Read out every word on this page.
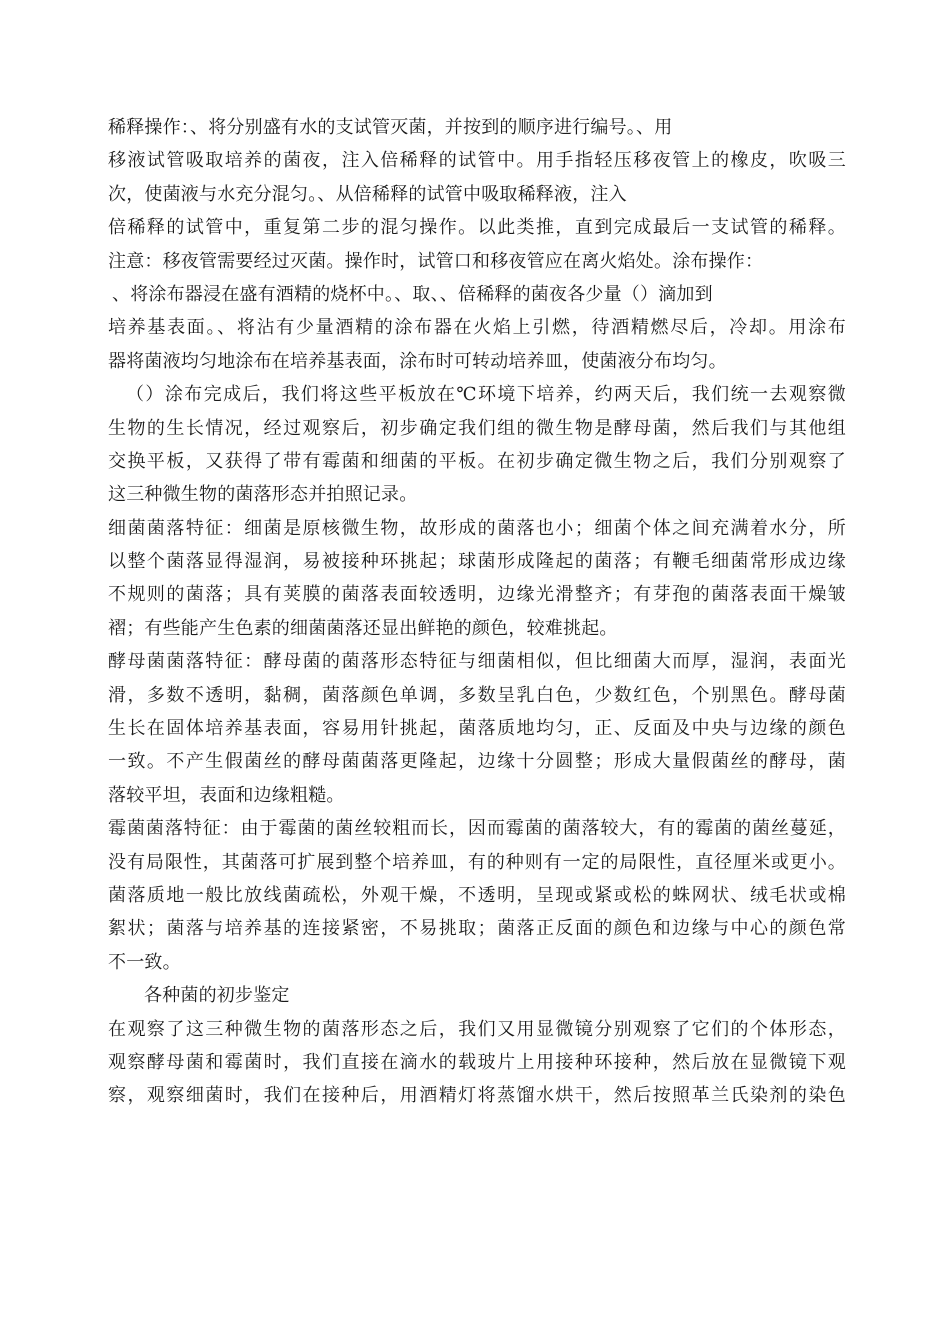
稀释操作：、将分别盛有水的支试管灭菌，并按到的顺序进行编号。、用
移液试管吸取培养的菌夜，注入倍稀释的试管中。用手指轻压移夜管上的橡皮，吹吸三
次，使菌液与水充分混匀。、从倍稀释的试管中吸取稀释液，注入
倍稀释的试管中，重复第二步的混匀操作。以此类推，直到完成最后一支试管的稀释。
注意：移夜管需要经过灭菌。操作时，试管口和移夜管应在离火焰处。涂布操作：
、将涂布器浸在盛有酒精的烧杯中。、取、、倍稀释的菌夜各少量（）滴加到
培养基表面。、将沾有少量酒精的涂布器在火焰上引燃，待酒精燃尽后，冷却。用涂布
器将菌液均匀地涂布在培养基表面，涂布时可转动培养皿，使菌液分布均匀。
（）涂布完成后，我们将这些平板放在℃环境下培养，约两天后，我们统一去观察微
生物的生长情况，经过观察后，初步确定我们组的微生物是酵母菌，然后我们与其他组
交换平板，又获得了带有霉菌和细菌的平板。在初步确定微生物之后，我们分别观察了
这三种微生物的菌落形态并拍照记录。
细菌菌落特征：细菌是原核微生物，故形成的菌落也小；细菌个体之间充满着水分，所
以整个菌落显得湿润，易被接种环挑起；球菌形成隆起的菌落；有鞭毛细菌常形成边缘
不规则的菌落；具有荚膜的菌落表面较透明，边缘光滑整齐；有芽孢的菌落表面干燥皱
褶；有些能产生色素的细菌菌落还显出鲜艳的颜色，较难挑起。
酵母菌菌落特征：酵母菌的菌落形态特征与细菌相似，但比细菌大而厚，湿润，表面光
滑，多数不透明，黏稠，菌落颜色单调，多数呈乳白色，少数红色，个别黑色。酵母菌
生长在固体培养基表面，容易用针挑起，菌落质地均匀，正、反面及中央与边缘的颜色
一致。不产生假菌丝的酵母菌菌落更隆起，边缘十分圆整；形成大量假菌丝的酵母，菌
落较平坦，表面和边缘粗糙。
霉菌菌落特征：由于霉菌的菌丝较粗而长，因而霉菌的菌落较大，有的霉菌的菌丝蔓延，
没有局限性，其菌落可扩展到整个培养皿，有的种则有一定的局限性，直径厘米或更小。
菌落质地一般比放线菌疏松，外观干燥，不透明，呈现或紧或松的蛛网状、绒毛状或棉
絮状；菌落与培养基的连接紧密，不易挑取；菌落正反面的颜色和边缘与中心的颜色常
不一致。
各种菌的初步鉴定
在观察了这三种微生物的菌落形态之后，我们又用显微镜分别观察了它们的个体形态，
观察酵母菌和霉菌时，我们直接在滴水的载玻片上用接种环接种，然后放在显微镜下观
察，观察细菌时，我们在接种后，用酒精灯将蒸馏水烘干，然后按照革兰氏染剂的染色
